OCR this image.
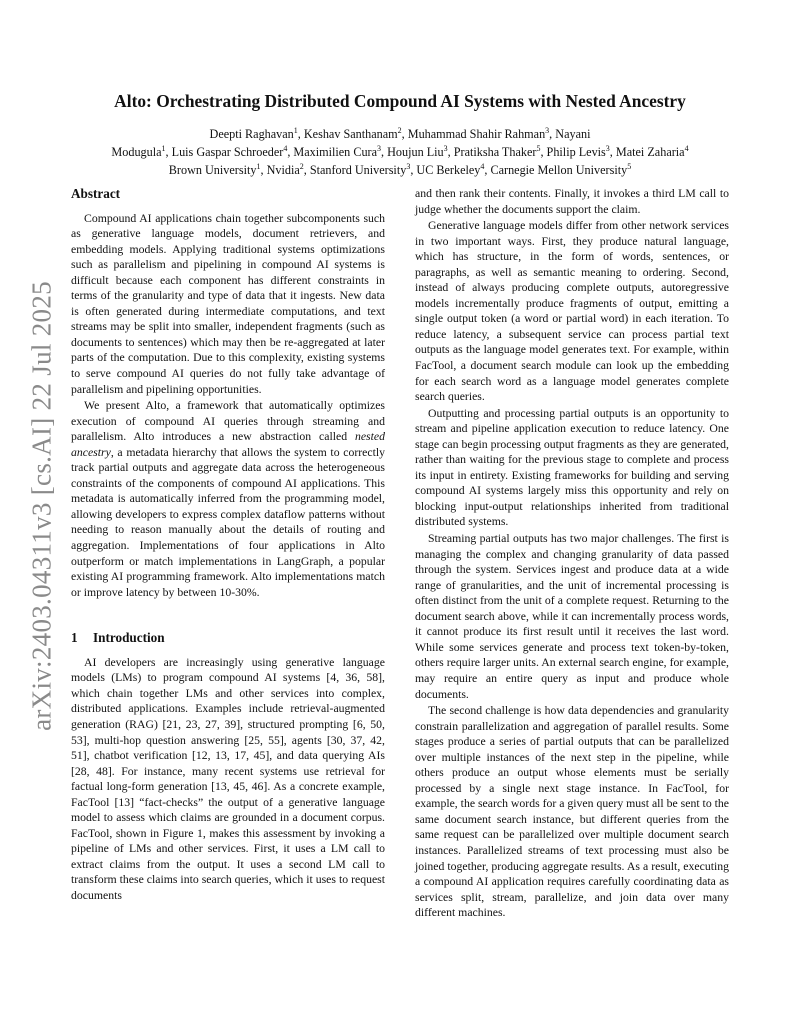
arXiv:2403.04311v3 [cs.AI] 22 Jul 2025
Alto: Orchestrating Distributed Compound AI Systems with Nested Ancestry
Deepti Raghavan$^1$, Keshav Santhanam$^2$, Muhammad Shahir Rahman$^3$, Nayani
Modugula$^1$, Luis Gaspar Schroeder$^4$, Maximilien Cura$^3$, Houjun Liu$^3$, Pratiksha Thaker$^5$, Philip Levis$^3$, Matei Zaharia$^4$
Brown University$^1$, Nvidia$^2$, Stanford University$^3$, UC Berkeley$^4$, Carnegie Mellon University$^5$
Abstract

Compound AI applications chain together subcomponents such as generative language models, document retrievers, and embedding models. Applying traditional systems optimizations such as parallelism and pipelining in compound AI systems is difficult because each component has different constraints in terms of the granularity and type of data that it ingests. New data is often generated during intermediate computations, and text streams may be split into smaller, independent fragments (such as documents to sentences) which may then be re-aggregated at later parts of the computation. Due to this complexity, existing systems to serve compound AI queries do not fully take advantage of parallelism and pipelining opportunities.

We present Alto, a framework that automatically optimizes execution of compound AI queries through streaming and parallelism. Alto introduces a new abstraction called nested ancestry, a metadata hierarchy that allows the system to correctly track partial outputs and aggregate data across the heterogeneous constraints of the components of compound AI applications. This metadata is automatically inferred from the programming model, allowing developers to express complex dataflow patterns without needing to reason manually about the details of routing and aggregation. Implementations of four applications in Alto outperform or match implementations in LangGraph, a popular existing AI programming framework. Alto implementations match or improve latency by between 10-30%.

1 Introduction

AI developers are increasingly using generative language models (LMs) to program compound AI systems [4, 36, 58], which chain together LMs and other services into complex, distributed applications. Examples include retrieval-augmented generation (RAG) [21, 23, 27, 39], structured prompting [6, 50, 53], multi-hop question answering [25, 55], agents [30, 37, 42, 51], chatbot verification [12, 13, 17, 45], and data querying AIs [28, 48]. For instance, many recent systems use retrieval for factual long-form generation [13, 45, 46]. As a concrete example, FacTool [13] “fact-checks” the output of a generative language model to assess which claims are grounded in a document corpus. FacTool, shown in Figure 1, makes this assessment by invoking a pipeline of LMs and other services. First, it uses a LM call to extract claims from the output. It uses a second LM call to transform these claims into search queries, which it uses to request documents

and then rank their contents. Finally, it invokes a third LM call to judge whether the documents support the claim.

Generative language models differ from other network services in two important ways. First, they produce natural language, which has structure, in the form of words, sentences, or paragraphs, as well as semantic meaning to ordering. Second, instead of always producing complete outputs, autoregressive models incrementally produce fragments of output, emitting a single output token (a word or partial word) in each iteration. To reduce latency, a subsequent service can process partial text outputs as the language model generates text. For example, within FacTool, a document search module can look up the embedding for each search word as a language model generates complete search queries.

Outputting and processing partial outputs is an opportunity to stream and pipeline application execution to reduce latency. One stage can begin processing output fragments as they are generated, rather than waiting for the previous stage to complete and process its input in entirety. Existing frameworks for building and serving compound AI systems largely miss this opportunity and rely on blocking input-output relationships inherited from traditional distributed systems.

Streaming partial outputs has two major challenges. The first is managing the complex and changing granularity of data passed through the system. Services ingest and produce data at a wide range of granularities, and the unit of incremental processing is often distinct from the unit of a complete request. Returning to the document search above, while it can incrementally process words, it cannot produce its first result until it receives the last word. While some services generate and process text token-by-token, others require larger units. An external search engine, for example, may require an entire query as input and produce whole documents.

The second challenge is how data dependencies and granularity constrain parallelization and aggregation of parallel results. Some stages produce a series of partial outputs that can be parallelized over multiple instances of the next step in the pipeline, while others produce an output whose elements must be serially processed by a single next stage instance. In FacTool, for example, the search words for a given query must all be sent to the same document search instance, but different queries from the same request can be parallelized over multiple document search instances. Parallelized streams of text processing must also be joined together, producing aggregate results. As a result, executing a compound AI application requires carefully coordinating data as services split, stream, parallelize, and join data over many different machines.
